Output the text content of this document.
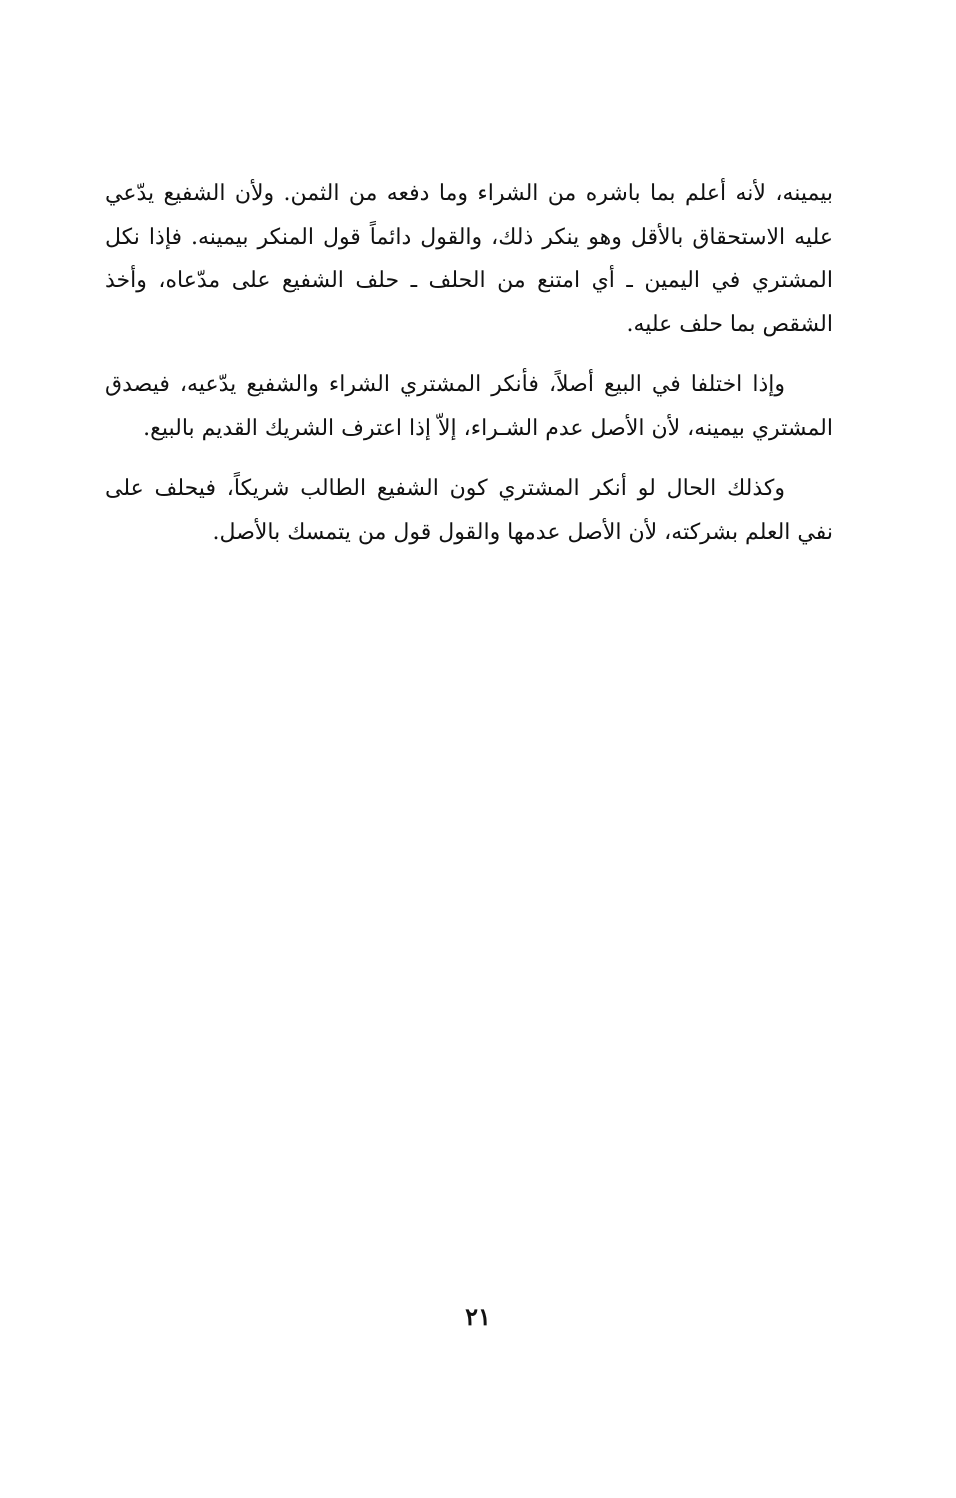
بيمينه، لأنه أعلم بما باشره من الشراء وما دفعه من الثمن. ولأن الشفيع يدّعي عليه الاستحقاق بالأقل وهو ينكر ذلك، والقول دائماً قول المنكر بيمينه. فإذا نكل المشتري في اليمين ـ أي امتنع من الحلف ـ حلف الشفيع على مدّعاه، وأخذ الشقص بما حلف عليه.

وإذا اختلفا في البيع أصلاً، فأنكر المشتري الشراء والشفيع يدّعيه، فيصدق المشتري بيمينه، لأن الأصل عدم الشـراء، إلاّ إذا اعترف الشريك القديم بالبيع.

وكذلك الحال لو أنكر المشتري كون الشفيع الطالب شريكاً، فيحلف على نفي العلم بشركته، لأن الأصل عدمها والقول قول من يتمسك بالأصل.

٢١
